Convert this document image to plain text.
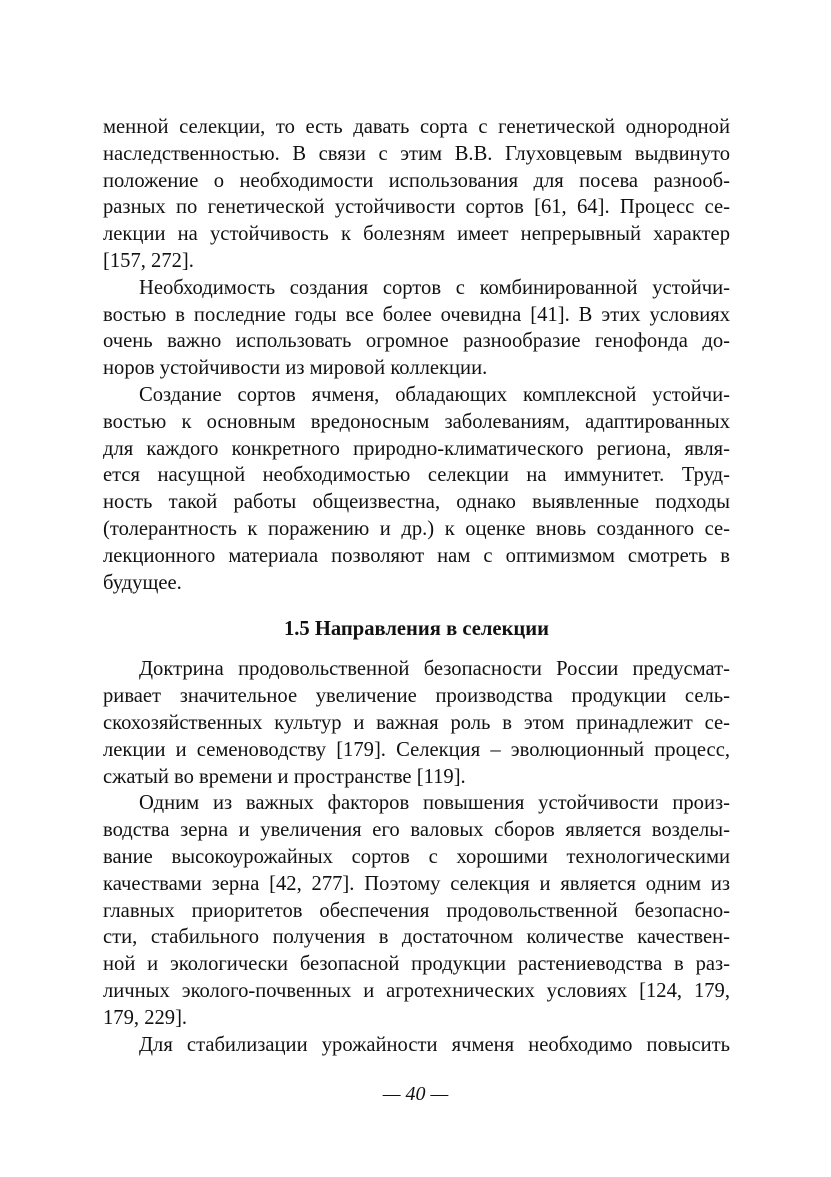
менной селекции, то есть давать сорта с генетической однородной
наследственностью. В связи с этим В.В. Глуховцевым выдвинуто
положение о необходимости использования для посева разнооб-
разных по генетической устойчивости сортов [61, 64]. Процесс се-
лекции на устойчивость к болезням имеет непрерывный характер
[157, 272].
Необходимость создания сортов с комбинированной устойчи-
востью в последние годы все более очевидна [41]. В этих условиях
очень важно использовать огромное разнообразие генофонда до-
норов устойчивости из мировой коллекции.
Создание сортов ячменя, обладающих комплексной устойчи-
востью к основным вредоносным заболеваниям, адаптированных
для каждого конкретного природно-климатического региона, явля-
ется насущной необходимостью селекции на иммунитет. Труд-
ность такой работы общеизвестна, однако выявленные подходы
(толерантность к поражению и др.) к оценке вновь созданного се-
лекционного материала позволяют нам с оптимизмом смотреть в
будущее.
1.5 Направления в селекции
Доктрина продовольственной безопасности России предусмат-
ривает значительное увеличение производства продукции сель-
скохозяйственных культур и важная роль в этом принадлежит се-
лекции и семеноводству [179]. Селекция – эволюционный процесс,
сжатый во времени и пространстве [119].
Одним из важных факторов повышения устойчивости произ-
водства зерна и увеличения его валовых сборов является возделы-
вание высокоурожайных сортов с хорошими технологическими
качествами зерна [42, 277]. Поэтому селекция и является одним из
главных приоритетов обеспечения продовольственной безопасно-
сти, стабильного получения в достаточном количестве качествен-
ной и экологически безопасной продукции растениеводства в раз-
личных эколого-почвенных и агротехнических условиях [124, 179,
179, 229].
Для стабилизации урожайности ячменя необходимо повысить
— 40 —
